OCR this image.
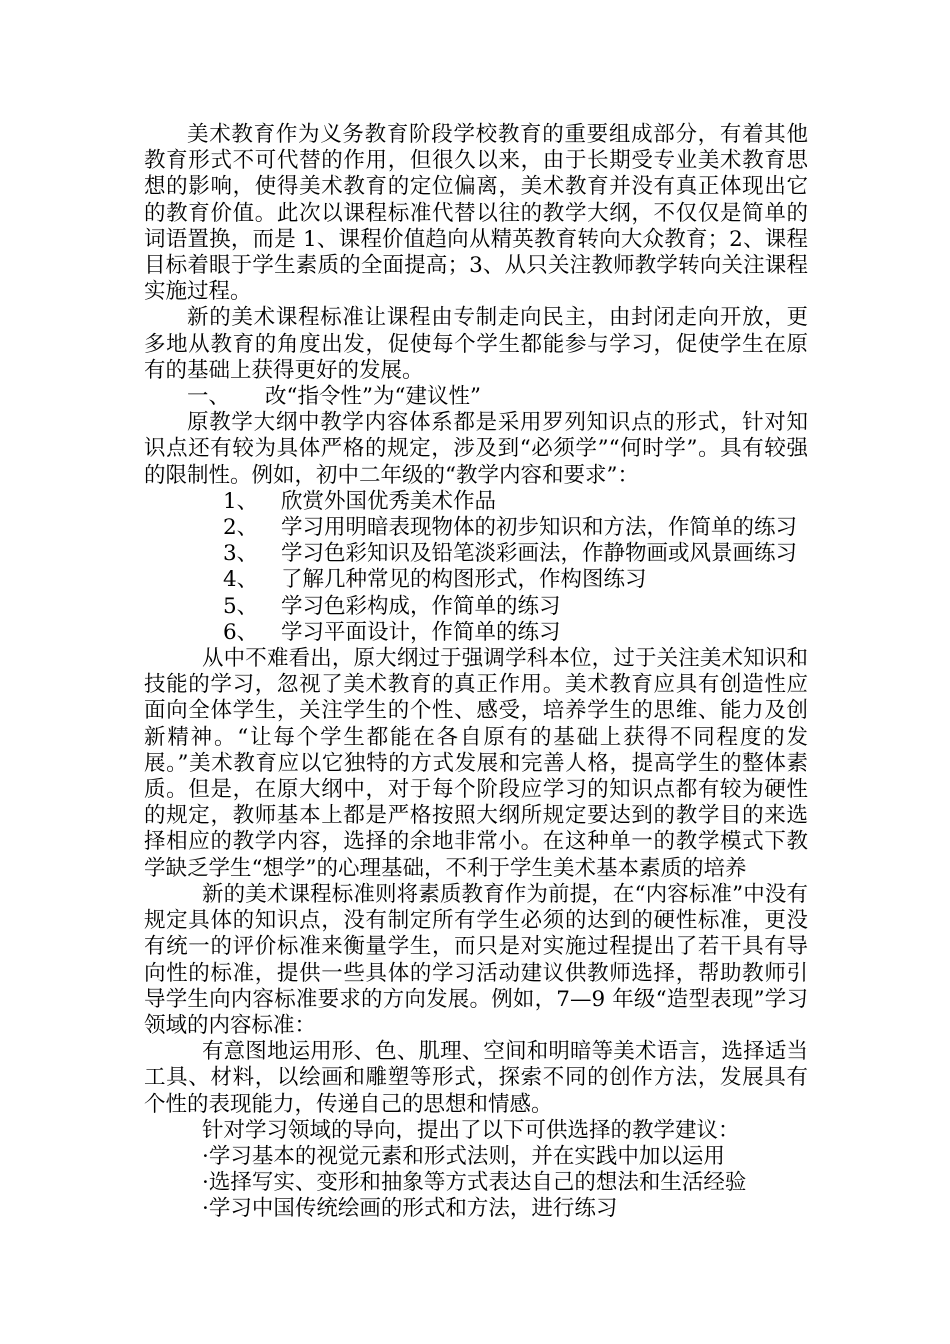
美术教育作为义务教育阶段学校教育的重要组成部分，有着其他教育形式不可代替的作用，但很久以来，由于长期受专业美术教育思想的影响，使得美术教育的定位偏离，美术教育并没有真正体现出它的教育价值。此次以课程标准代替以往的教学大纲，不仅仅是简单的词语置换，而是 1、课程价值趋向从精英教育转向大众教育；2、课程目标着眼于学生素质的全面提高；3、从只关注教师教学转向关注课程实施过程。

新的美术课程标准让课程由专制走向民主，由封闭走向开放，更多地从教育的角度出发，促使每个学生都能参与学习，促使学生在原有的基础上获得更好的发展。

一、 改“指令性”为“建议性”

原教学大纲中教学内容体系都是采用罗列知识点的形式，针对知识点还有较为具体严格的规定，涉及到“必须学”“何时学”。具有较强的限制性。例如，初中二年级的“教学内容和要求”：

1、	欣赏外国优秀美术作品
2、	学习用明暗表现物体的初步知识和方法，作简单的练习
3、	学习色彩知识及铅笔淡彩画法，作静物画或风景画练习
4、	了解几种常见的构图形式，作构图练习
5、	学习色彩构成，作简单的练习
6、	学习平面设计，作简单的练习

从中不难看出，原大纲过于强调学科本位，过于关注美术知识和技能的学习，忽视了美术教育的真正作用。美术教育应具有创造性应面向全体学生，关注学生的个性、感受，培养学生的思维、能力及创新精神。“让每个学生都能在各自原有的基础上获得不同程度的发展。”美术教育应以它独特的方式发展和完善人格，提高学生的整体素质。但是，在原大纲中，对于每个阶段应学习的知识点都有较为硬性的规定，教师基本上都是严格按照大纲所规定要达到的教学目的来选择相应的教学内容，选择的余地非常小。在这种单一的教学模式下教学缺乏学生“想学”的心理基础，不利于学生美术基本素质的培养

新的美术课程标准则将素质教育作为前提，在“内容标准”中没有规定具体的知识点，没有制定所有学生必须的达到的硬性标准，更没有统一的评价标准来衡量学生，而只是对实施过程提出了若干具有导向性的标准，提供一些具体的学习活动建议供教师选择，帮助教师引导学生向内容标准要求的方向发展。例如，7—9 年级“造型表现”学习领域的内容标准：

有意图地运用形、色、肌理、空间和明暗等美术语言，选择适当工具、材料，以绘画和雕塑等形式，探索不同的创作方法，发展具有个性的表现能力，传递自己的思想和情感。

针对学习领域的导向，提出了以下可供选择的教学建议：

·学习基本的视觉元素和形式法则，并在实践中加以运用

·选择写实、变形和抽象等方式表达自己的想法和生活经验

·学习中国传统绘画的形式和方法，进行练习
